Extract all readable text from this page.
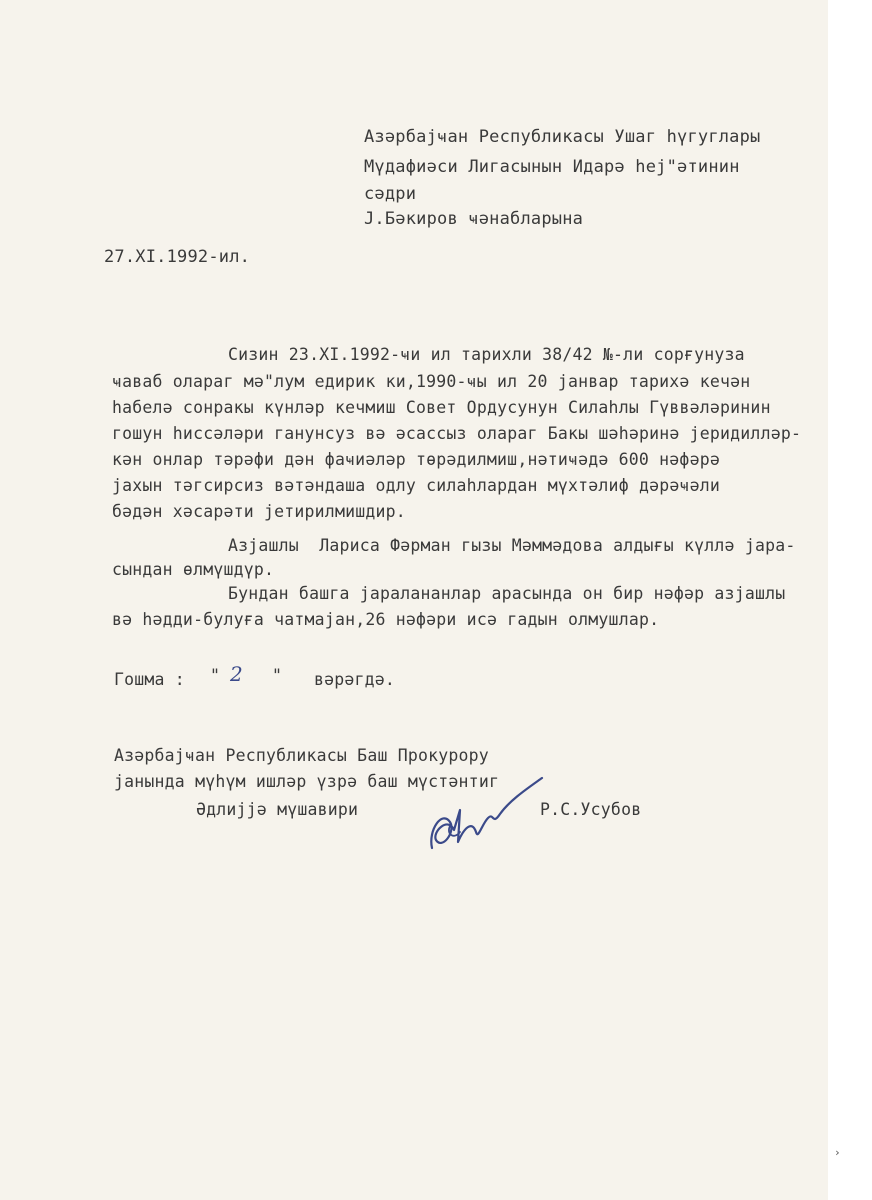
Азәрбајҹан Республикасы Ушаг һүгуглары
Мүдафиәси Лигасынын Идарә һеј"әтинин
сәдри
Ј.Бәкиров ҹәнабларына
27.XI.1992-ил.
Сизин 23.XI.1992-ҹи ил тарихли 38/42 №-ли сорғунуза
ҹаваб олараг мә"лум едирик ки,1990-ҹы ил 20 јанвар тарихә кечән
һабелә сонракы күнләр кечмиш Совет Ордусунун Силаһлы Гүввәләринин
гошун һиссәләри ганунсуз вә әсассыз олараг Бакы шәһәринә јеридилләр-
кән онлар тәрәфи дән фаҹиәләр төрәдилмиш,нәтиҹәдә 600 нәфәрә
јахын тәгсирсиз вәтәндаша одлу силаһлардан мүхтәлиф дәрәҹәли
бәдән хәсарәти јетирилмишдир.
Азјашлы  Лариса Фәрман гызы Мәммәдова алдығы күллә јара-
сындан өлмүшдүр.
Бундан башга јаралананлар арасында он бир нәфәр азјашлы
вә һәдди-булуға чатмајан,26 нәфәри исә гадын олмушлар.
Гошма : " 2 " вәрәгдә.
Азәрбајҹан Республикасы Баш Прокурору
јанында мүһүм ишләр үзрә баш мүстәнтиг
Әдлијјә мүшавири	Р.С.Усубов
›
